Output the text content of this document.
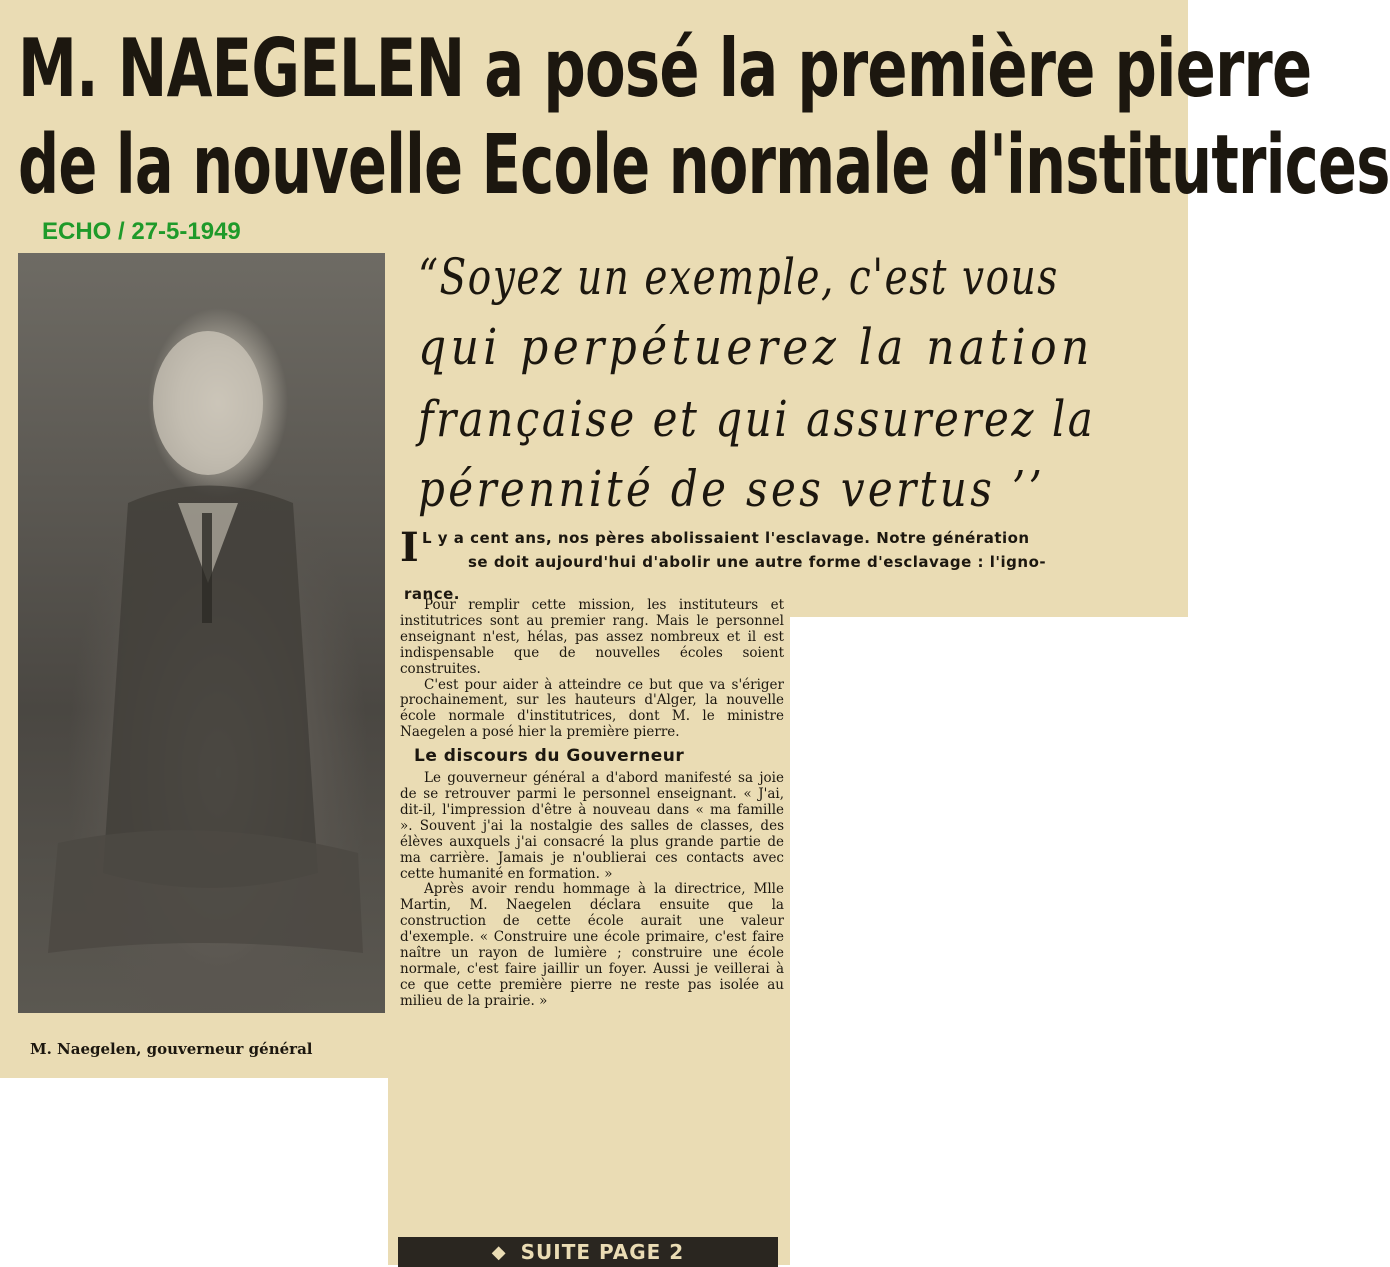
M. NAEGELEN a posé la première pierre
de la nouvelle Ecole normale d'institutrices
ECHO / 27-5-1949
M. Naegelen, gouverneur général
“Soyez un exemple, c'est vous
qui perpétuerez la nation
française et qui assurerez la
pérennité de ses vertus ’’
I L y a cent ans, nos pères abolissaient l'esclavage. Notre génération
se doit aujourd'hui d'abolir une autre forme d'esclavage : l'igno-
rance.

Pour remplir cette mission, les instituteurs et institutrices sont au premier rang. Mais le personnel enseignant n'est, hélas, pas assez nombreux et il est indispensable que de nouvelles écoles soient construites.

C'est pour aider à atteindre ce but que va s'ériger prochainement, sur les hauteurs d'Alger, la nouvelle école normale d'institutrices, dont M. le ministre Naegelen a posé hier la première pierre.

Le discours du Gouverneur

Le gouverneur général a d'abord manifesté sa joie de se retrouver parmi le personnel enseignant. « J'ai, dit-il, l'impression d'être à nouveau dans « ma famille ». Souvent j'ai la nostalgie des salles de classes, des élèves auxquels j'ai consacré la plus grande partie de ma carrière. Jamais je n'oublierai ces contacts avec cette humanité en formation. »

Après avoir rendu hommage à la directrice, Mlle Martin, M. Naegelen déclara ensuite que la construction de cette école aurait une valeur d'exemple. « Construire une école primaire, c'est faire naître un rayon de lumière ; construire une école normale, c'est faire jaillir un foyer. Aussi je veillerai à ce que cette première pierre ne reste pas isolée au milieu de la prairie. »

◆ SUITE PAGE 2
